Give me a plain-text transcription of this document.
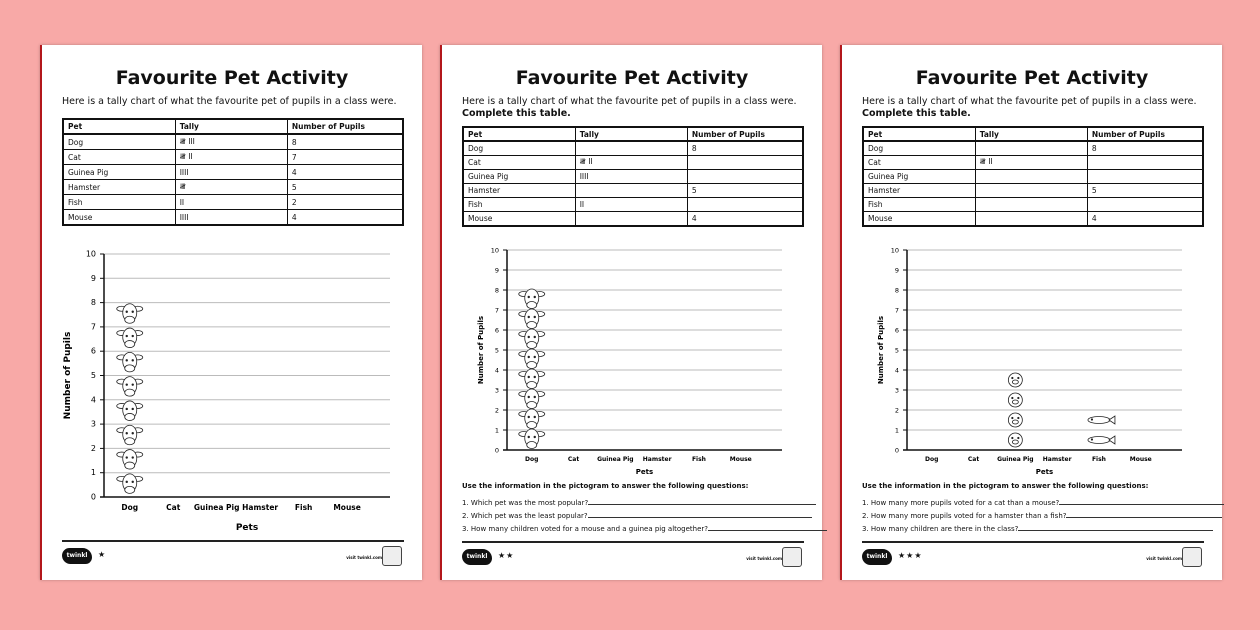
Favourite Pet Activity
Here is a tally chart of what the favourite pet of pupils in a class were.
Pet	Tally	Number of Pupils
Dog	𝍸 III	8
Cat	𝍸 II	7
Guinea Pig	IIII	4
Hamster	𝍸	5
Fish	II	2
Mouse	IIII	4
0
1
2
3
4
5
6
7
8
9
10
Dog	Cat Guinea Pig Hamster Fish	Mouse
Pets
Number of Pupils
twinkl	★	visit twinkl.com
Favourite Pet Activity
Here is a tally chart of what the favourite pet of pupils in a class were.
Complete this table.
Pet	Tally	Number of Pupils
Dog		8
Cat	𝍸 II	
Guinea Pig	IIII	
Hamster		5
Fish	II	
Mouse		4
0
1
2
3
4
5
6
7
8
9
10
Dog	Cat	Guinea Pig Hamster	Fish	Mouse
Pets
Number of Pupils
Use the information in the pictogram to answer the following questions:
1. Which pet was the most popular?
2. Which pet was the least popular?
3. How many children voted for a mouse and a guinea pig altogether?
twinkl	★★	visit twinkl.com
Favourite Pet Activity
Here is a tally chart of what the favourite pet of pupils in a class were.
Complete this table.
Pet	Tally	Number of Pupils
Dog		8
Cat	𝍸 II	
Guinea Pig		
Hamster		5
Fish		
Mouse		4
0
1
2
3
4
5
6
7
8
9
10
Dog	Cat	Guinea Pig Hamster	Fish	Mouse
Pets
Number of Pupils
Use the information in the pictogram to answer the following questions:
1. How many more pupils voted for a cat than a mouse?
2. How many more pupils voted for a hamster than a fish?
3. How many children are there in the class?
twinkl	★★★	visit twinkl.com
